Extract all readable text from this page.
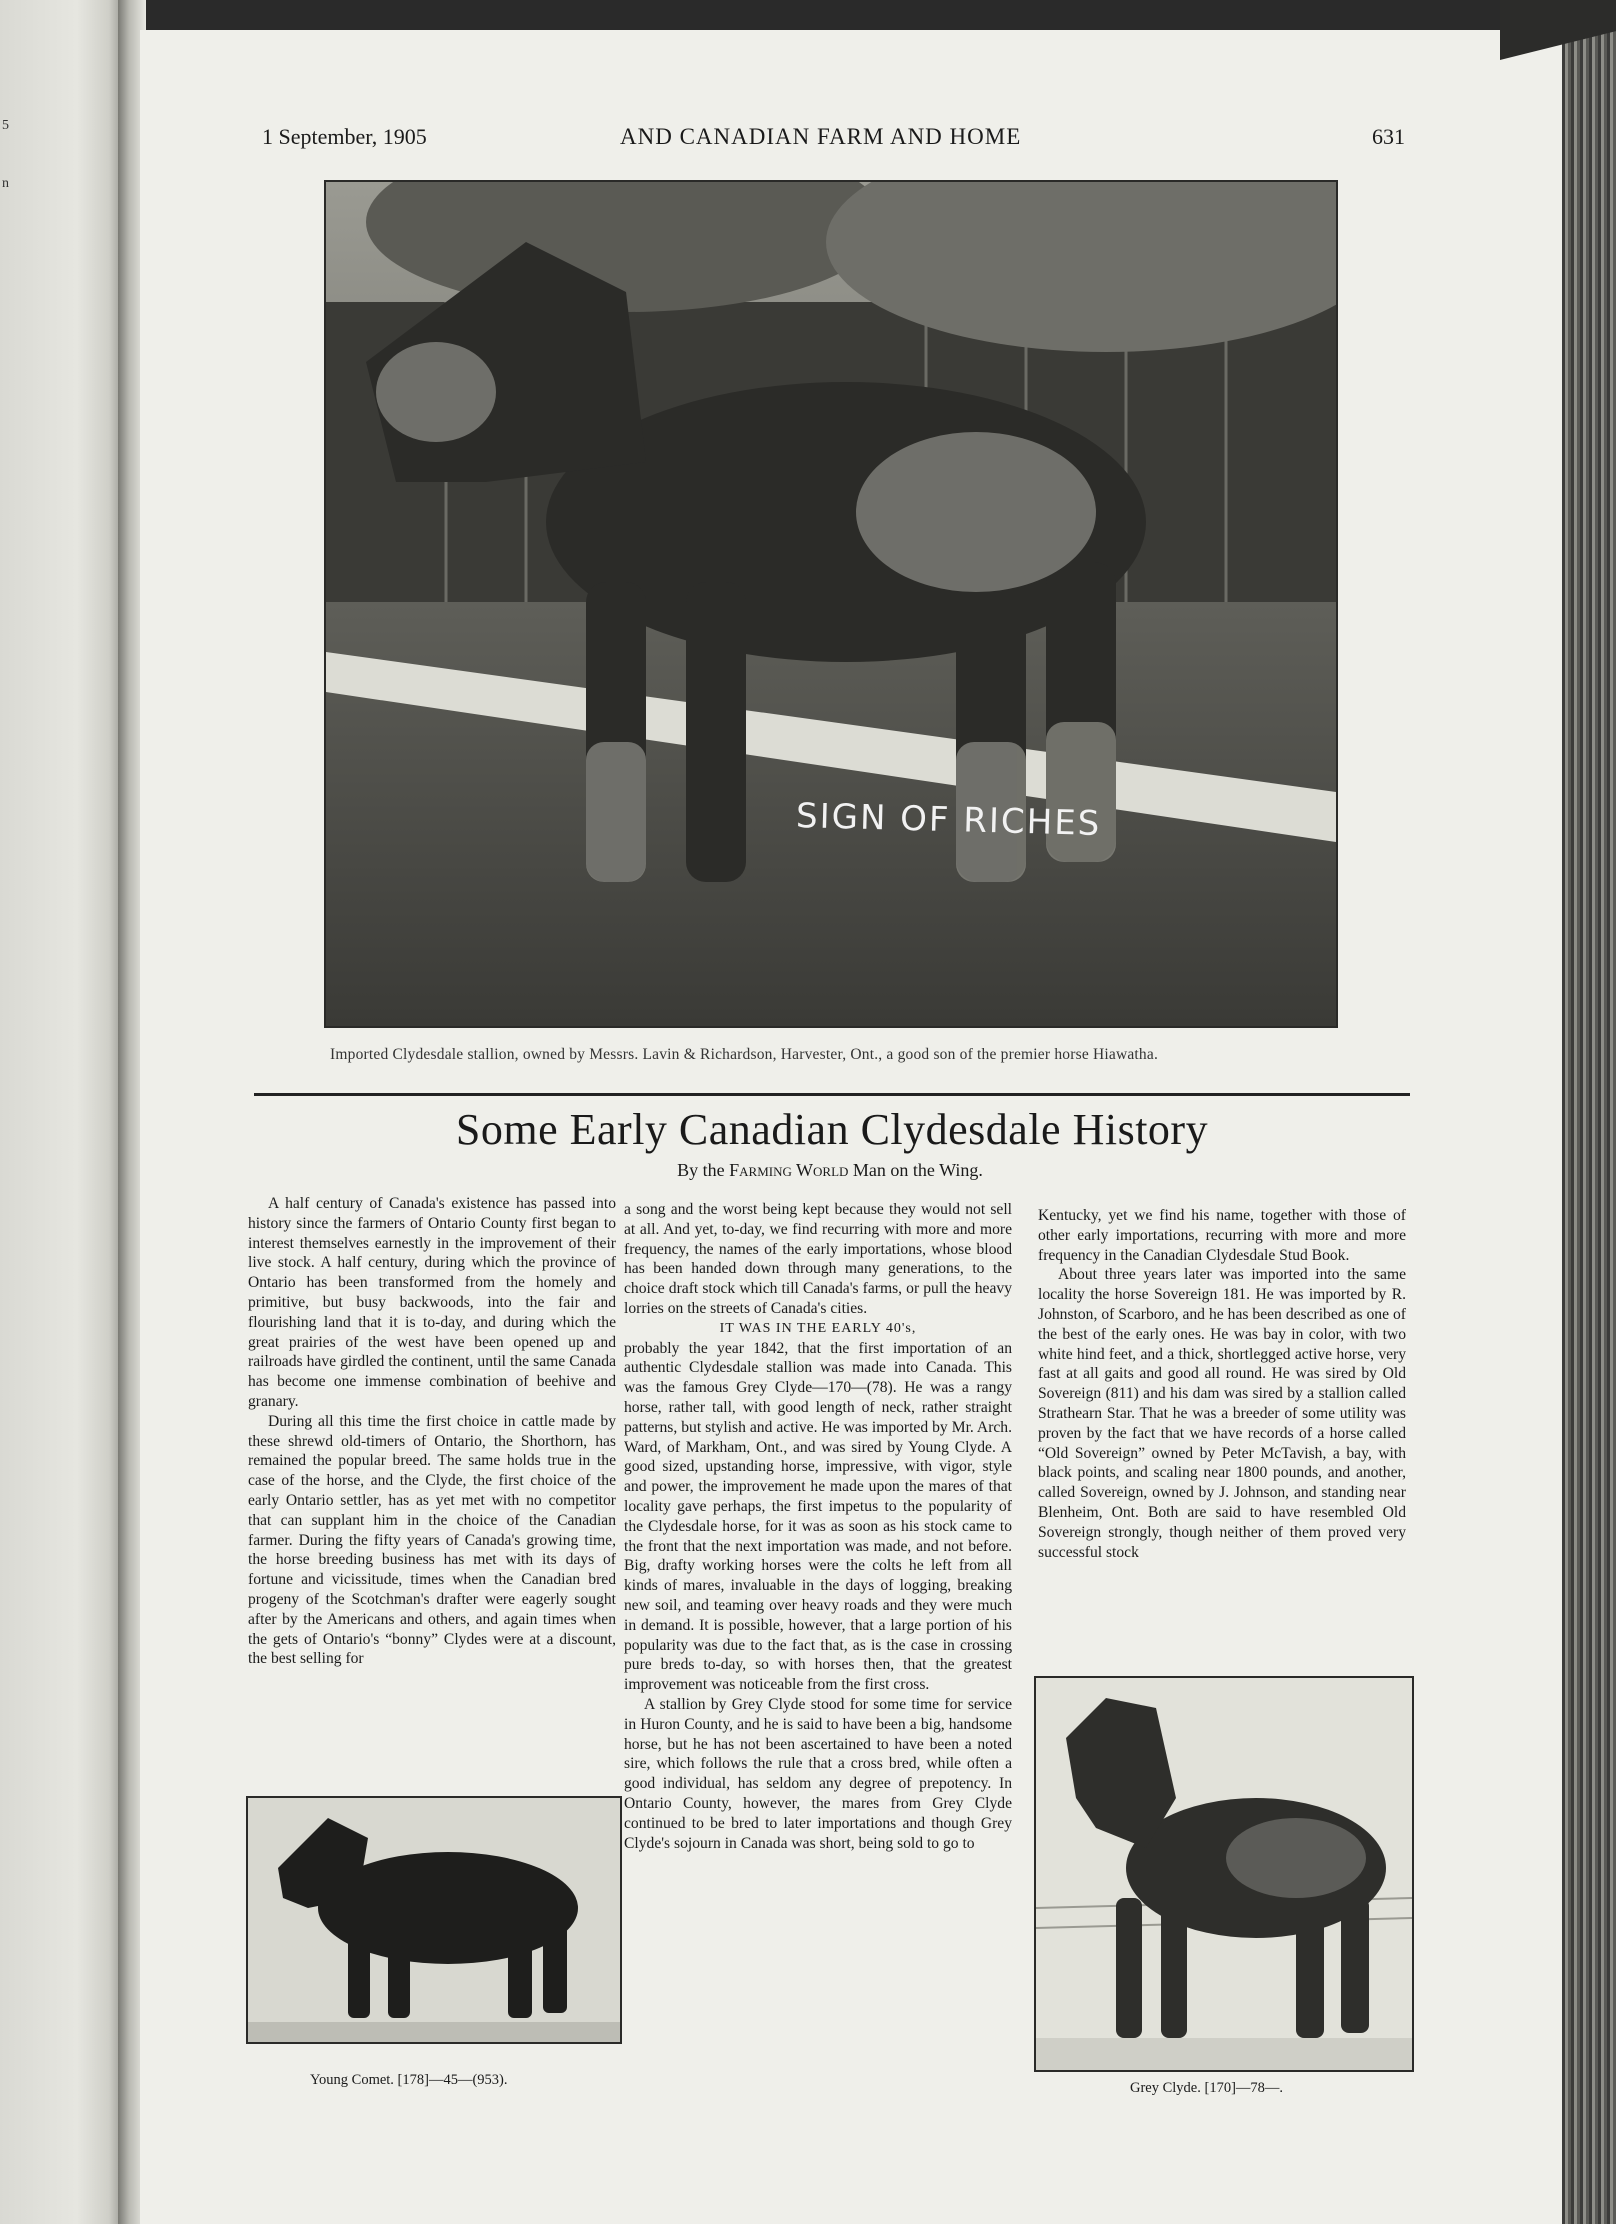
5
n
1 September, 1905	AND CANADIAN FARM AND HOME	631
SIGN OF RICHES
Imported Clydesdale stallion, owned by Messrs. Lavin & Richardson, Harvester, Ont., a good son of the premier horse Hiawatha.
Some Early Canadian Clydesdale History
By the Farming World Man on the Wing.

A half century of Canada's existence has passed into history since the farmers of Ontario County first began to interest themselves earnestly in the improvement of their live stock. A half century, during which the province of Ontario has been transformed from the homely and primitive, but busy backwoods, into the fair and flourishing land that it is to-day, and during which the great prairies of the west have been opened up and railroads have girdled the continent, until the same Canada has become one immense combination of beehive and granary.

During all this time the first choice in cattle made by these shrewd old-timers of Ontario, the Shorthorn, has remained the popular breed. The same holds true in the case of the horse, and the Clyde, the first choice of the early Ontario settler, has as yet met with no competitor that can supplant him in the choice of the Canadian farmer. During the fifty years of Canada's growing time, the horse breeding business has met with its days of fortune and vicissitude, times when the Canadian bred progeny of the Scotchman's drafter were eagerly sought after by the Americans and others, and again times when the gets of Ontario's “bonny” Clydes were at a discount, the best selling for

a song and the worst being kept because they would not sell at all. And yet, to-day, we find recurring with more and more frequency, the names of the early importations, whose blood has been handed down through many generations, to the choice draft stock which till Canada's farms, or pull the heavy lorries on the streets of Canada's cities.

IT WAS IN THE EARLY 40's,

probably the year 1842, that the first importation of an authentic Clydesdale stallion was made into Canada. This was the famous Grey Clyde—170—(78). He was a rangy horse, rather tall, with good length of neck, rather straight patterns, but stylish and active. He was imported by Mr. Arch. Ward, of Markham, Ont., and was sired by Young Clyde. A good sized, upstanding horse, impressive, with vigor, style and power, the improvement he made upon the mares of that locality gave perhaps, the first impetus to the popularity of the Clydesdale horse, for it was as soon as his stock came to the front that the next importation was made, and not before. Big, drafty working horses were the colts he left from all kinds of mares, invaluable in the days of logging, breaking new soil, and teaming over heavy roads and they were much in demand. It is possible, however, that a large portion of his popularity was due to the fact that, as is the case in crossing pure breds to-day, so with horses then, that the greatest improvement was noticeable from the first cross.

A stallion by Grey Clyde stood for some time for service in Huron County, and he is said to have been a big, handsome horse, but he has not been ascertained to have been a noted sire, which follows the rule that a cross bred, while often a good individual, has seldom any degree of prepotency. In Ontario County, however, the mares from Grey Clyde continued to be bred to later importations and though Grey Clyde's sojourn in Canada was short, being sold to go to

Kentucky, yet we find his name, together with those of other early importations, recurring with more and more frequency in the Canadian Clydesdale Stud Book.

About three years later was imported into the same locality the horse Sovereign 181. He was imported by R. Johnston, of Scarboro, and he has been described as one of the best of the early ones. He was bay in color, with two white hind feet, and a thick, shortlegged active horse, very fast at all gaits and good all round. He was sired by Old Sovereign (811) and his dam was sired by a stallion called Strathearn Star. That he was a breeder of some utility was proven by the fact that we have records of a horse called “Old Sovereign” owned by Peter McTavish, a bay, with black points, and scaling near 1800 pounds, and another, called Sovereign, owned by J. Johnson, and standing near Blenheim, Ont. Both are said to have resembled Old Sovereign strongly, though neither of them proved very successful stock

Young Comet. [178]—45—(953).	Grey Clyde. [170]—78—.
